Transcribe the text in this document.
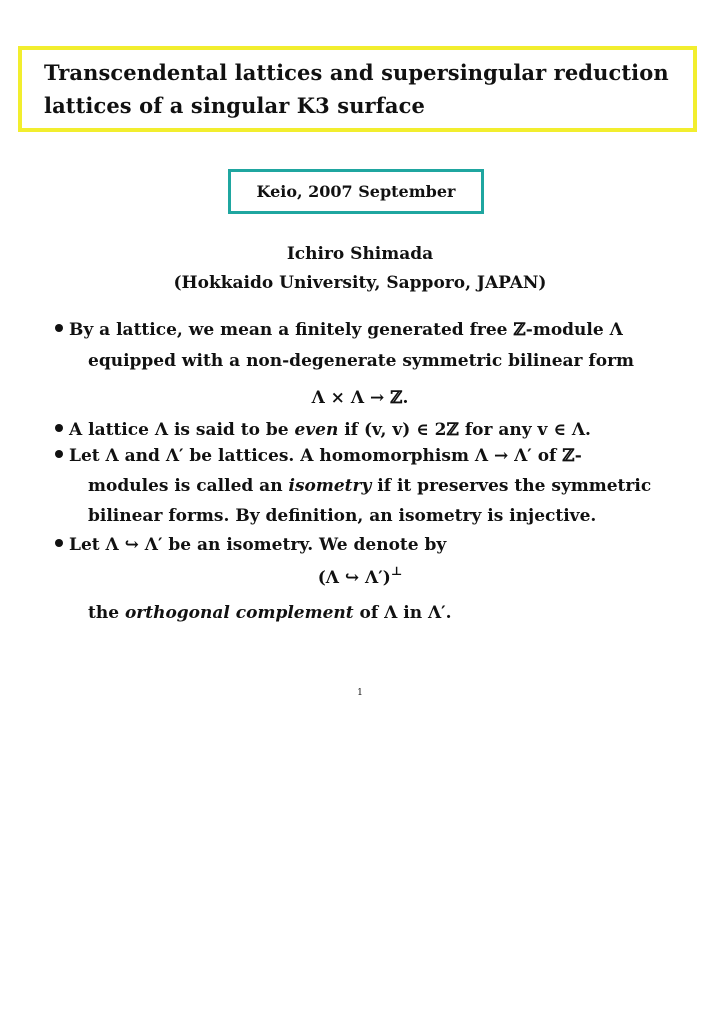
Transcendental lattices and supersingular reduction
lattices of a singular K3 surface
Keio, 2007 September
Ichiro Shimada
(Hokkaido University, Sapporo, JAPAN)
By a lattice, we mean a finitely generated free ℤ-module Λ
equipped with a non-degenerate symmetric bilinear form
Λ × Λ → ℤ.
A lattice Λ is said to be even if (v, v) ∈ 2ℤ for any v ∈ Λ.
Let Λ and Λ′ be lattices. A homomorphism Λ → Λ′ of ℤ-
modules is called an isometry if it preserves the symmetric
bilinear forms. By definition, an isometry is injective.
Let Λ ↪ Λ′ be an isometry. We denote by
(Λ ↪ Λ′)⊥
the orthogonal complement of Λ in Λ′.
1
